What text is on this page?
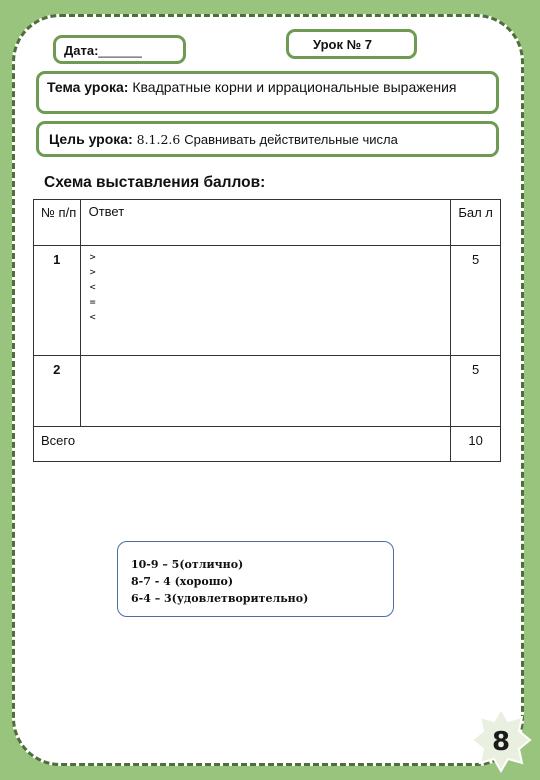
Дата:______	Урок № 7
Тема урока: Квадратные корни и иррациональные выражения
Цель урока: 8.1.2.6 Сравнивать действительные числа
Схема выставления баллов:
№ п/п	Ответ	Бал л
1	>
>
<
=
<	5
2		5
Всего		10
10-9 – 5(отлично)
8-7 - 4 (хорошо)
6-4 – 3(удовлетворительно)
8
